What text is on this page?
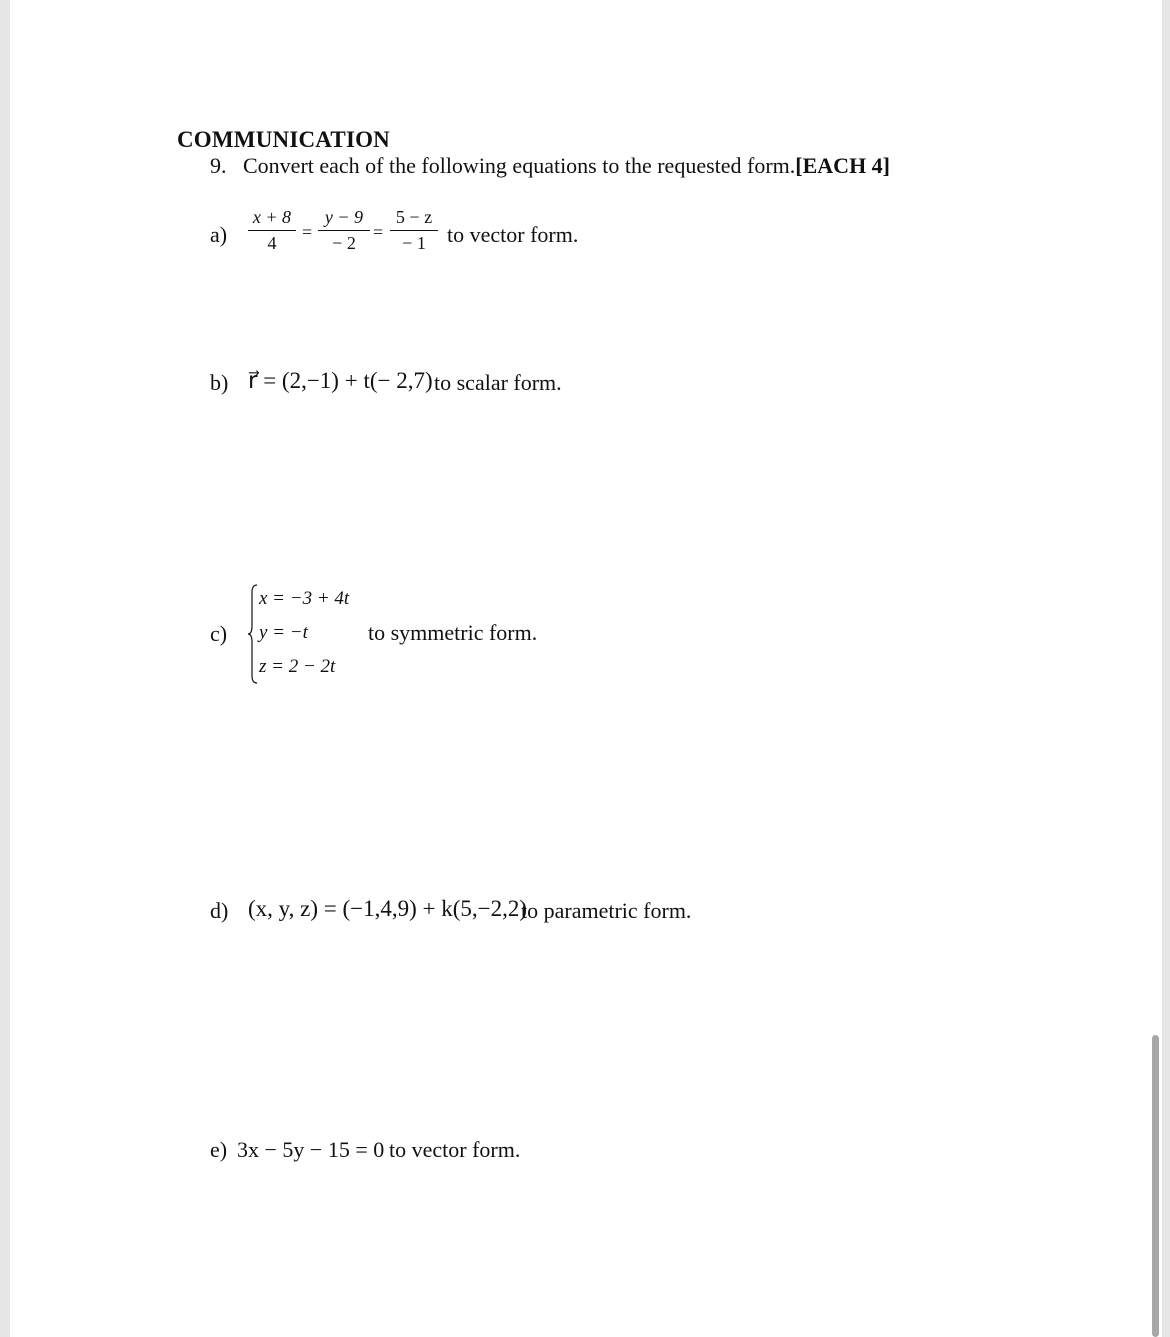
COMMUNICATION
9. Convert each of the following equations to the requested form.[EACH 4]
a)
x + 8
4
=
y − 9
− 2
=
5 − z
− 1 to vector form.
b) r⃗ = (2,−1) + t(− 2,7) to scalar form.
c)
x = −3 + 4t
y = −t
z = 2 − 2t
to symmetric form.
d) (x, y, z) = (−1,4,9) + k(5,−2,2)
to parametric form.
e) 3x − 5y − 15 = 0 to vector form.
